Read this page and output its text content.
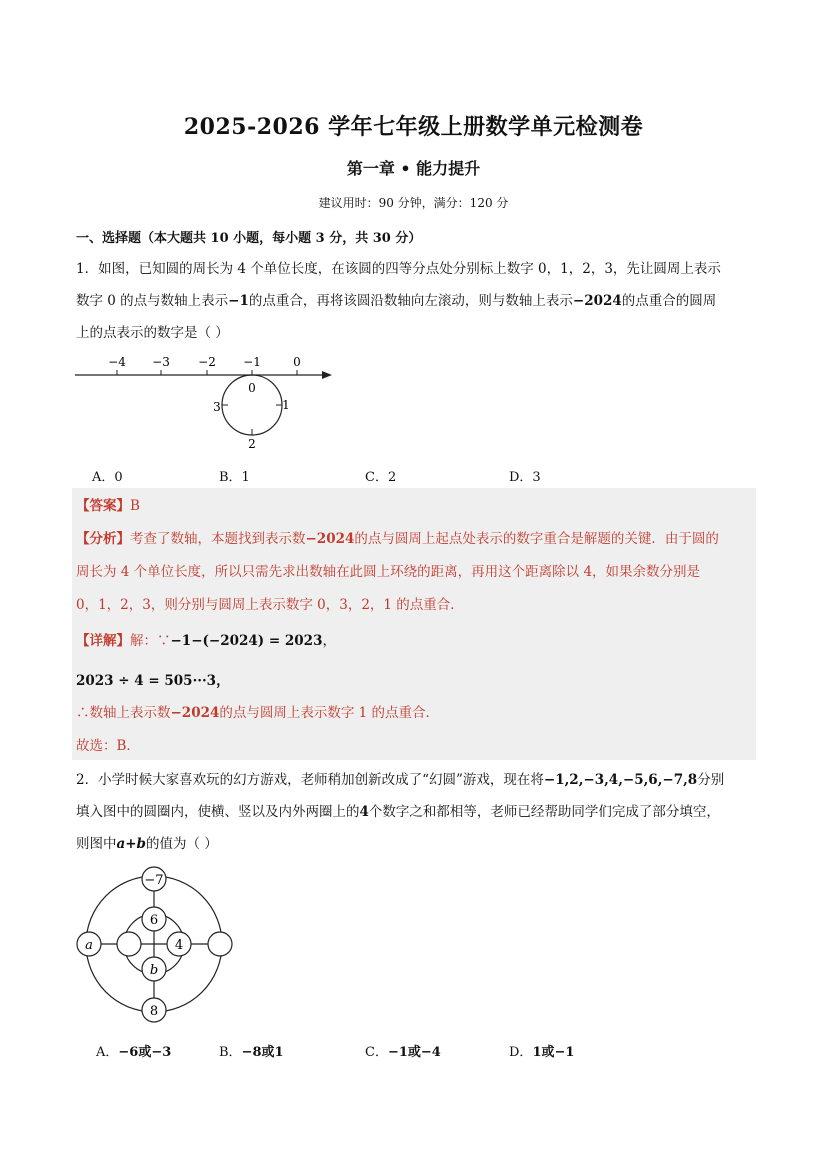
2025-2026 学年七年级上册数学单元检测卷
第一章 • 能力提升
建议用时：90 分钟，满分：120 分
一、选择题（本大题共 10 小题，每小题 3 分，共 30 分）
1．如图，已知圆的周长为 4 个单位长度，在该圆的四等分点处分别标上数字 0，1，2，3，先让圆周上表示
数字 0 的点与数轴上表示−1的点重合，再将该圆沿数轴向左滚动，则与数轴上表示−2024的点重合的圆周
上的点表示的数字是（ ）
−4 −3 −2 −1	0
0
1
2
3
A．0	B．1	C．2	D．3
【答案】B
【分析】考查了数轴，本题找到表示数−2024的点与圆周上起点处表示的数字重合是解题的关键．由于圆的
周长为 4 个单位长度，所以只需先求出数轴在此圆上环绕的距离，再用这个距离除以 4，如果余数分别是
0，1，2，3，则分别与圆周上表示数字 0，3，2，1 的点重合．
【详解】解：∵−1−(−2024) = 2023，
2023 ÷ 4 = 505···3，
∴数轴上表示数−2024的点与圆周上表示数字 1 的点重合．
故选：B．
2．小学时候大家喜欢玩的幻方游戏，老师稍加创新改成了“幻圆”游戏，现在将−1,2,−3,4,−5,6,−7,8分别
填入图中的圆圈内，使横、竖以及内外两圈上的4个数字之和都相等，老师已经帮助同学们完成了部分填空，
则图中a+b的值为（ ）
−7
6
a	4
b
8
A．−6或−3	B．−8或1	C．−1或−4	D．1或−1
